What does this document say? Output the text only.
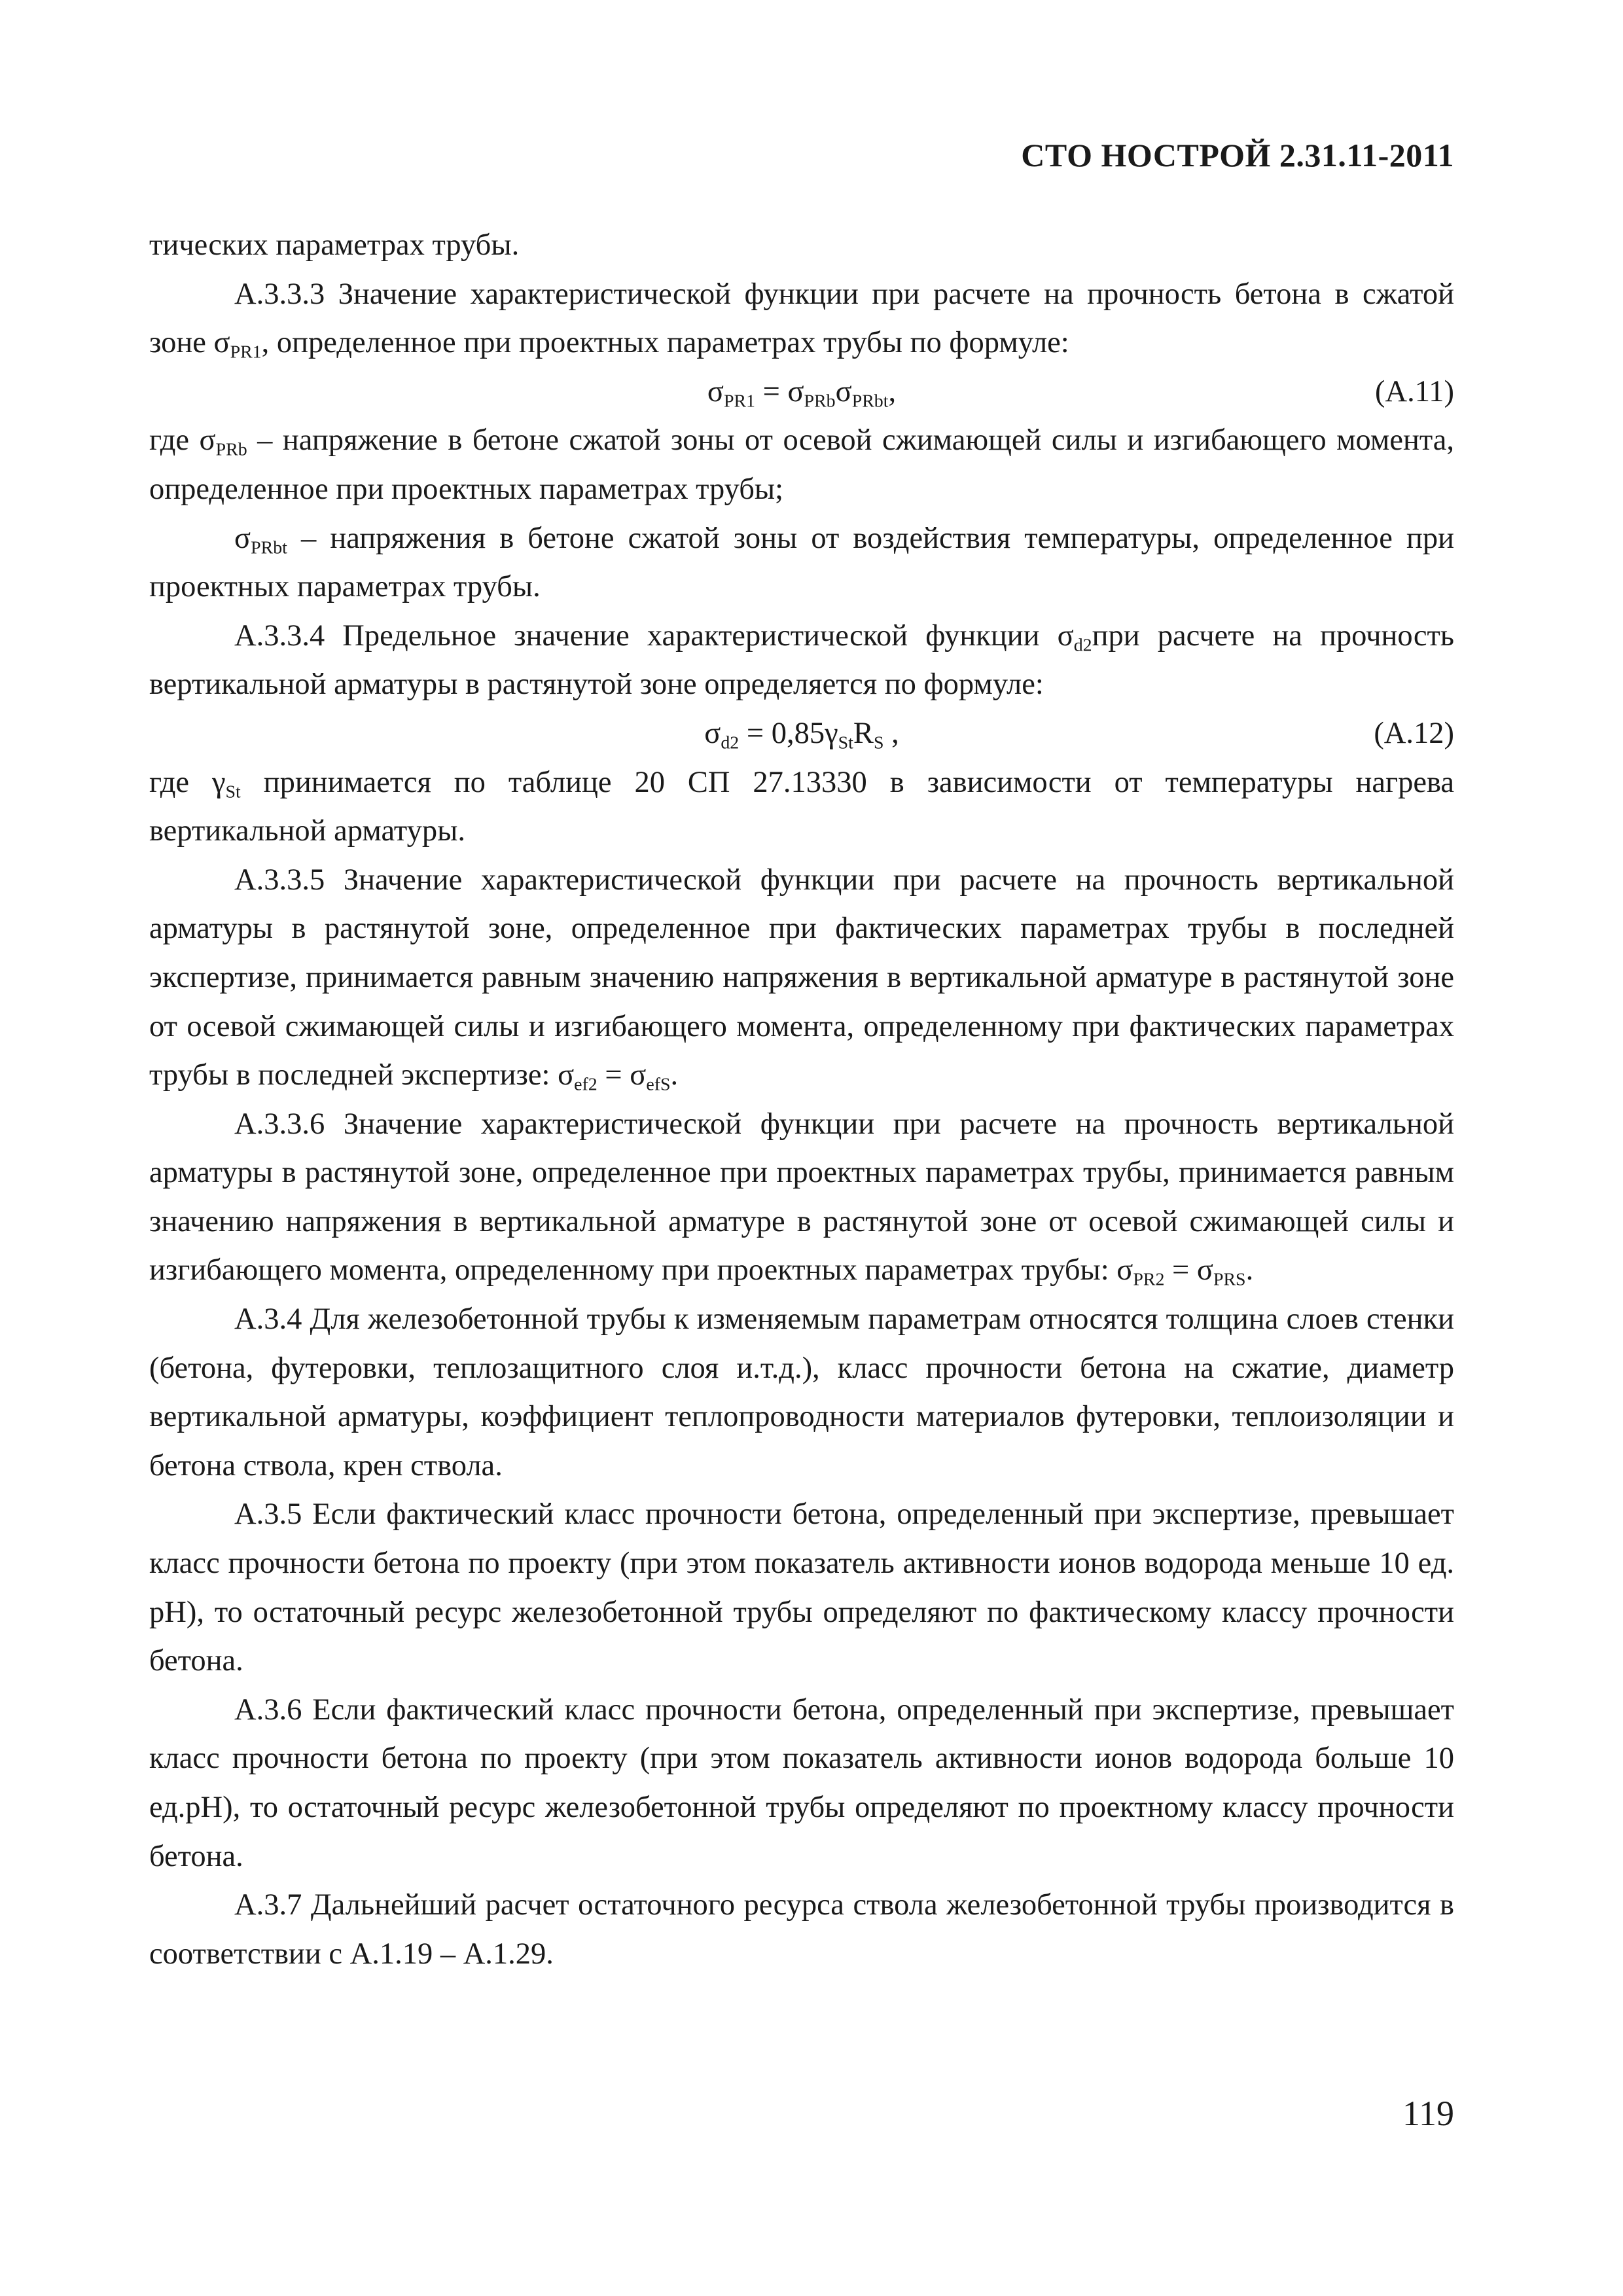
СТО НОСТРОЙ 2.31.11-2011

тических параметрах трубы.

А.3.3.3 Значение характеристической функции при расчете на прочность бетона в сжатой зоне $\sigma_{PR1}$, определенное при проектных параметрах трубы по формуле:

$\sigma_{PR1} = \sigma_{PRb}\sigma_{PRbt}$,	(А.11)

где $\sigma_{PRb}$ – напряжение в бетоне сжатой зоны от осевой сжимающей силы и изгибающего момента, определенное при проектных параметрах трубы;

$\sigma_{PRbt}$ – напряжения в бетоне сжатой зоны от воздействия температуры, определенное при проектных параметрах трубы.

А.3.3.4 Предельное значение характеристической функции $\sigma_{d2}при$ расчете на прочность вертикальной арматуры в растянутой зоне определяется по формуле:

$\sigma_{d2} = 0,85\gamma_{St}R_S$ ,	(А.12)

где $\gamma_{St}$ принимается по таблице 20 СП 27.13330 в зависимости от температуры нагрева вертикальной арматуры.

А.3.3.5 Значение характеристической функции при расчете на прочность вертикальной арматуры в растянутой зоне, определенное при фактических параметрах трубы в последней экспертизе, принимается равным значению напряжения в вертикальной арматуре в растянутой зоне от осевой сжимающей силы и изгибающего момента, определенному при фактических параметрах трубы в последней экспертизе: $\sigma_{ef2} = \sigma_{efS}$.

А.3.3.6 Значение характеристической функции при расчете на прочность вертикальной арматуры в растянутой зоне, определенное при проектных параметрах трубы, принимается равным значению напряжения в вертикальной арматуре в растянутой зоне от осевой сжимающей силы и изгибающего момента, определенному при проектных параметрах трубы: $\sigma_{PR2} = \sigma_{PRS}$.

А.3.4 Для железобетонной трубы к изменяемым параметрам относятся толщина слоев стенки (бетона, футеровки, теплозащитного слоя и.т.д.), класс прочности бетона на сжатие, диаметр вертикальной арматуры, коэффициент теплопроводности материалов футеровки, теплоизоляции и бетона ствола, крен ствола.

А.3.5 Если фактический класс прочности бетона, определенный при экспертизе, превышает класс прочности бетона по проекту (при этом показатель активности ионов водорода меньше 10 ед. pH), то остаточный ресурс железобетонной трубы определяют по фактическому классу прочности бетона.

А.3.6 Если фактический класс прочности бетона, определенный при экспертизе, превышает класс прочности бетона по проекту (при этом показатель активности ионов водорода больше 10 ед.pH), то остаточный ресурс железобетонной трубы определяют по проектному классу прочности бетона.

А.3.7 Дальнейший расчет остаточного ресурса ствола железобетонной трубы производится в соответствии с А.1.19 – А.1.29.

119
